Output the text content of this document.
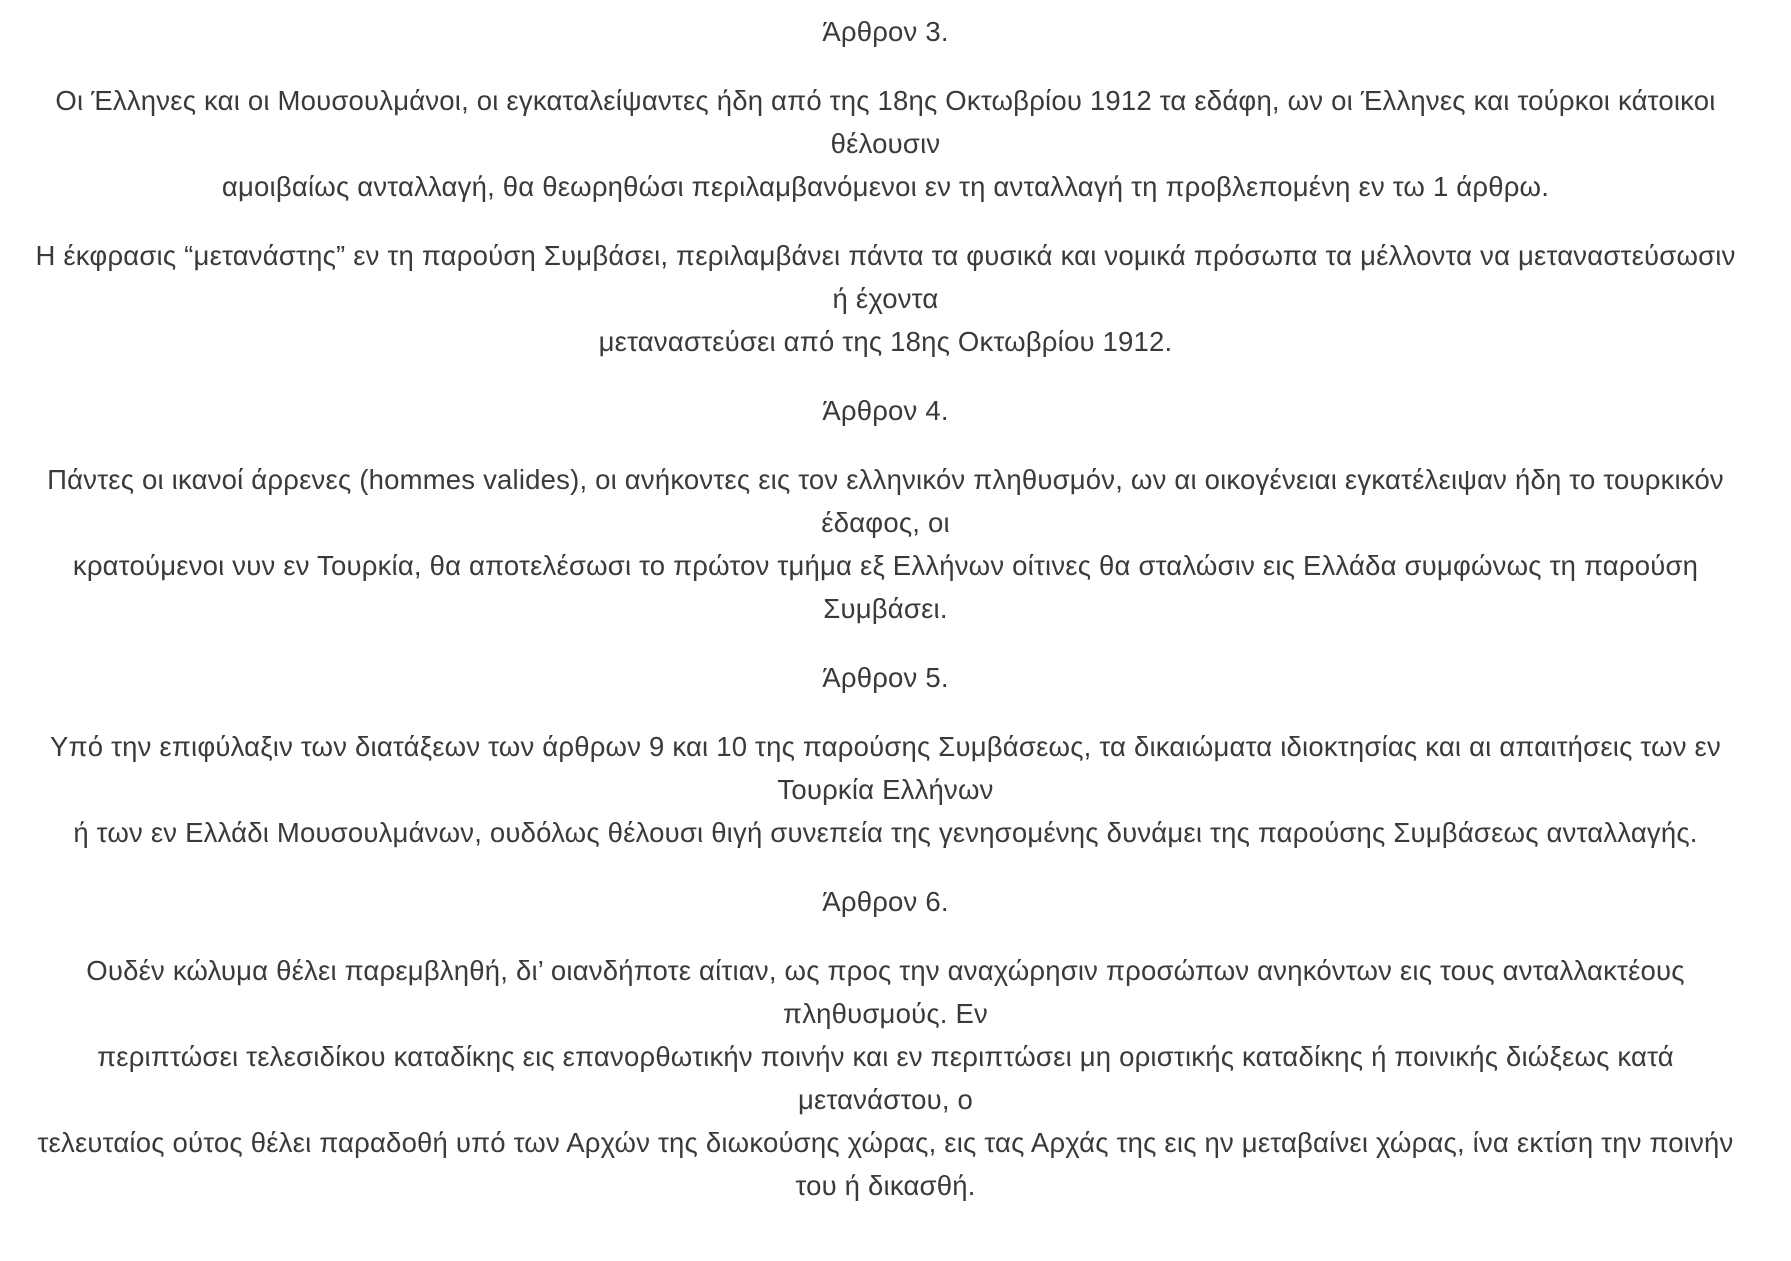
Άρθρον 3.
Οι Έλληνες και οι Μουσουλμάνοι, οι εγκαταλείψαντες ήδη από της 18ης Οκτωβρίου 1912 τα εδάφη, ων οι Έλληνες και τούρκοι κάτοικοι θέλουσιν
αμοιβαίως ανταλλαγή, θα θεωρηθώσι περιλαμβανόμενοι εν τη ανταλλαγή τη προβλεπομένη εν τω 1 άρθρω.
Η έκφρασις “μετανάστης” εν τη παρούση Συμβάσει, περιλαμβάνει πάντα τα φυσικά και νομικά πρόσωπα τα μέλλοντα να μεταναστεύσωσιν ή έχοντα
μεταναστεύσει από της 18ης Οκτωβρίου 1912.
Άρθρον 4.
Πάντες οι ικανοί άρρενες (hommes valides), οι ανήκοντες εις τον ελληνικόν πληθυσμόν, ων αι οικογένειαι εγκατέλειψαν ήδη το τουρκικόν έδαφος, οι
κρατούμενοι νυν εν Τουρκία, θα αποτελέσωσι το πρώτον τμήμα εξ Ελλήνων οίτινες θα σταλώσιν εις Ελλάδα συμφώνως τη παρούση Συμβάσει.
Άρθρον 5.
Υπό την επιφύλαξιν των διατάξεων των άρθρων 9 και 10 της παρούσης Συμβάσεως, τα δικαιώματα ιδιοκτησίας και αι απαιτήσεις των εν Τουρκία Ελλήνων
ή των εν Ελλάδι Μουσουλμάνων, ουδόλως θέλουσι θιγή συνεπεία της γενησομένης δυνάμει της παρούσης Συμβάσεως ανταλλαγής.
Άρθρον 6.
Ουδέν κώλυμα θέλει παρεμβληθή, δι’ οιανδήποτε αίτιαν, ως προς την αναχώρησιν προσώπων ανηκόντων εις τους ανταλλακτέους πληθυσμούς. Εν
περιπτώσει τελεσιδίκου καταδίκης εις επανορθωτικήν ποινήν και εν περιπτώσει μη οριστικής καταδίκης ή ποινικής διώξεως κατά μετανάστου, ο
τελευταίος ούτος θέλει παραδοθή υπό των Αρχών της διωκούσης χώρας, εις τας Αρχάς της εις ην μεταβαίνει χώρας, ίνα εκτίση την ποινήν του ή δικασθή.
